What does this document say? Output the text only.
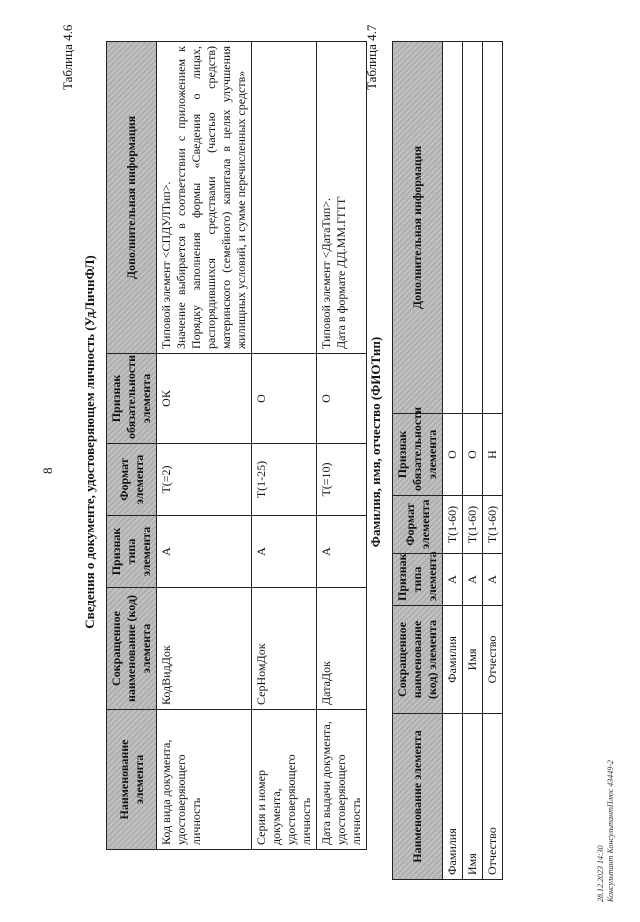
8
Таблица 4.6
Сведения о документе, удостоверяющем личность (УдЛичнФЛ)
Наименование элемента	Сокращенное наименование (код) элемента	Признак типа элемента	Формат элемента	Признак обязательности элемента	Дополнительная информация
Код вида документа, удостоверяющего личность	КодВидДок	А	T(=2)	ОК	Типовой элемент <СПДУЛТип>. Значение выбирается в соответствии с приложением к Порядку заполнения формы «Сведения о лицах, распорядившихся средствами (частью средств) материнского (семейного) капитала в целях улучшения жилищных условий, и сумме перечисленных средств»

Серия и номер документа, удостоверяющего личность	СерНомДок	А	T(1-25)	О	

Дата выдачи документа, удостоверяющего личность	ДатаДок	А	T(=10)	О	Типовой элемент <ДатаТип>. Дата в формате ДД.ММ.ГГГГ
Таблица 4.7
Фамилия, имя, отчество (ФИОТип)
Наименование элемента	Сокращенное наименование (код) элемента	Признак типа элемента	Формат элемента	Признак обязательности элемента	Дополнительная информация
Фамилия	Фамилия	А	T(1-60)	О	
Имя	Имя	А	T(1-60)	О	
Отчество	Отчество	А	T(1-60)	Н	
28.12.2023 14:30 Консультант КонсультантПлюс 43449-2
